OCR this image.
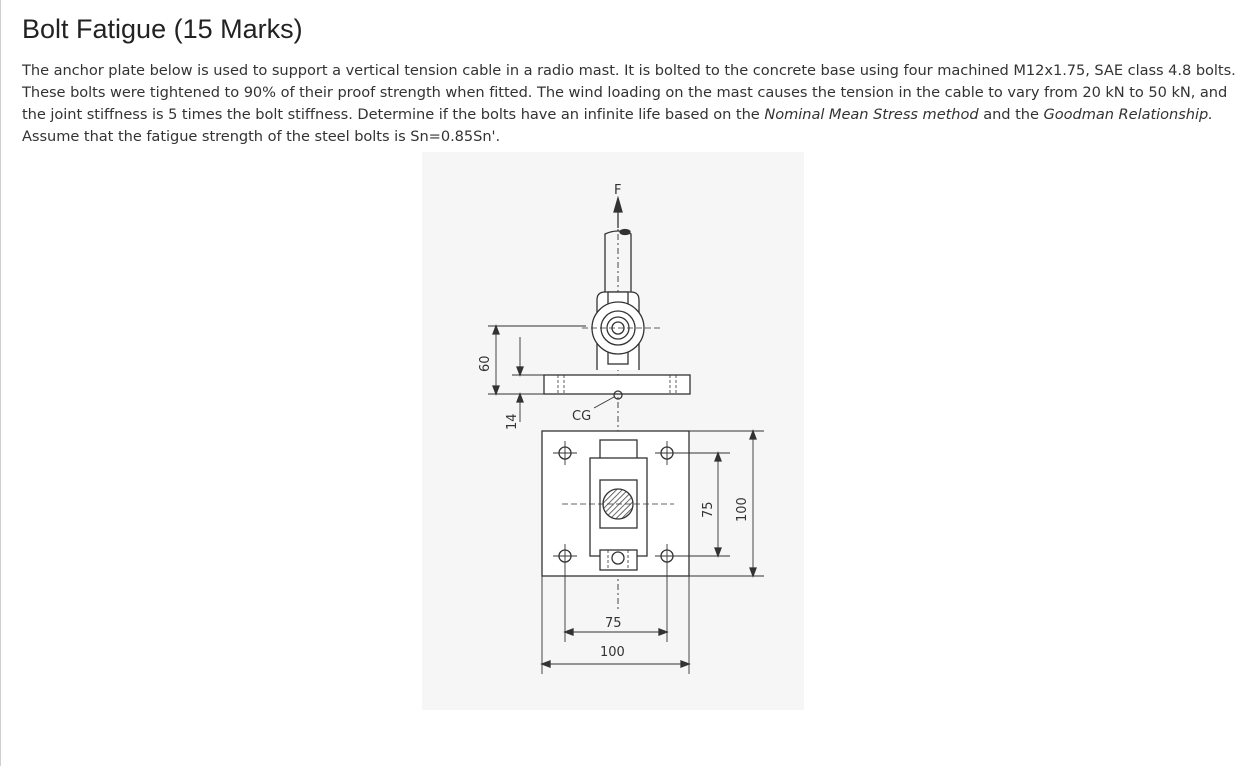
Bolt Fatigue (15 Marks)
The anchor plate below is used to support a vertical tension cable in a radio mast. It is bolted to the concrete base using four machined M12x1.75, SAE class 4.8 bolts. These bolts were tightened to 90% of their proof strength when fitted. The wind loading on the mast causes the tension in the cable to vary from 20 kN to 50 kN, and the joint stiffness is 5 times the bolt stiffness. Determine if the bolts have an infinite life based on the Nominal Mean Stress method and the Goodman Relationship. Assume that the fatigue strength of the steel bolts is Sn=0.85Sn'.
F
CG
60
14
75 100
75
100
